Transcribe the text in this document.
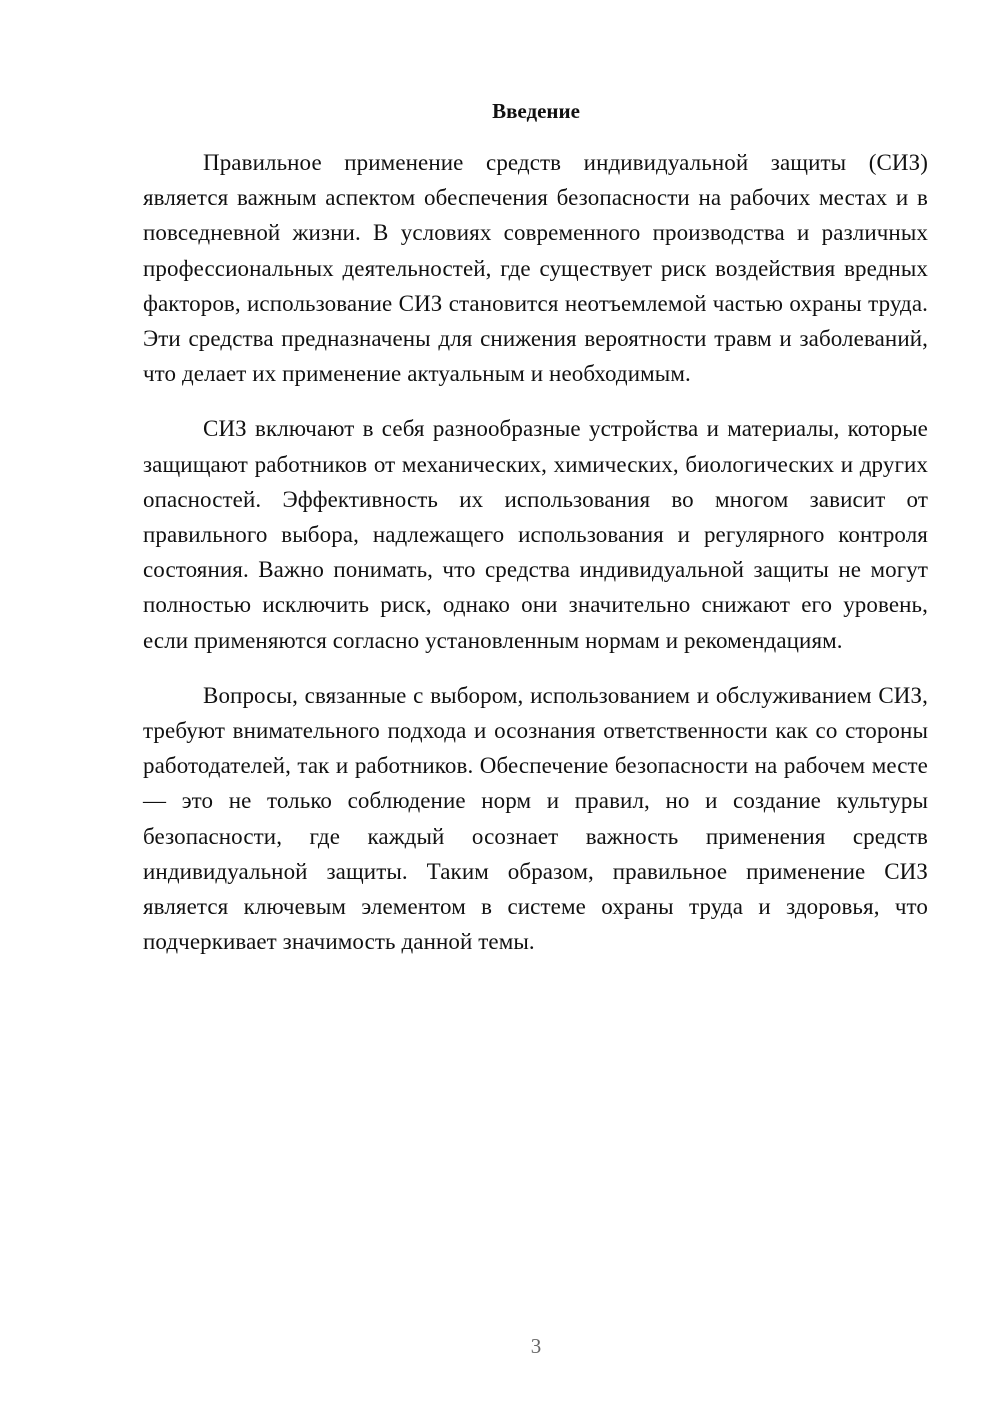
Введение

Правильное применение средств индивидуальной защиты (СИЗ) является важным аспектом обеспечения безопасности на рабочих местах и в повседневной жизни. В условиях современного производства и различных профессиональных деятельностей, где существует риск воздействия вредных факторов, использование СИЗ становится неотъемлемой частью охраны труда. Эти средства предназначены для снижения вероятности травм и заболеваний, что делает их применение актуальным и необходимым.

СИЗ включают в себя разнообразные устройства и материалы, которые защищают работников от механических, химических, биологических и других опасностей. Эффективность их использования во многом зависит от правильного выбора, надлежащего использования и регулярного контроля состояния. Важно понимать, что средства индивидуальной защиты не могут полностью исключить риск, однако они значительно снижают его уровень, если применяются согласно установленным нормам и рекомендациям.

Вопросы, связанные с выбором, использованием и обслуживанием СИЗ, требуют внимательного подхода и осознания ответственности как со стороны работодателей, так и работников. Обеспечение безопасности на рабочем месте — это не только соблюдение норм и правил, но и создание культуры безопасности, где каждый осознает важность применения средств индивидуальной защиты. Таким образом, правильное применение СИЗ является ключевым элементом в системе охраны труда и здоровья, что подчеркивает значимость данной темы.

3
